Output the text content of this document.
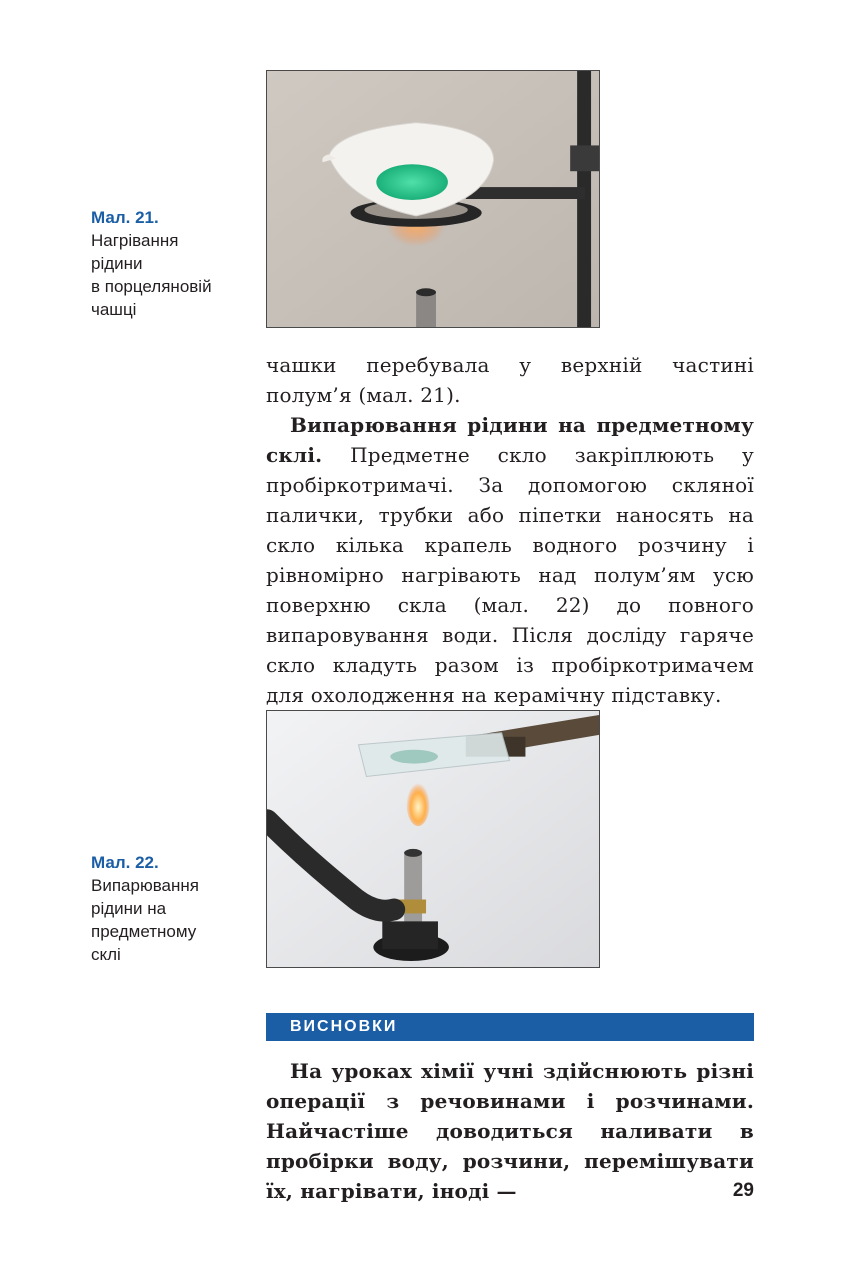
Мал. 21.
Нагрівання
рідини
в порцеляновій
чашці

чашки перебувала у верхній частині полум’я (мал. 21).

Випарювання рідини на предметному склі. Предметне скло закріплюють у пробіркотримачі. За допомогою скляної палички, трубки або піпетки наносять на скло кілька крапель водного розчину і рівномірно нагрівають над полум’ям усю поверхню скла (мал. 22) до повного випаровування води. Після досліду гаряче скло кладуть разом із пробіркотримачем для охолодження на керамічну підставку.

Мал. 22.
Випарювання
рідини на
предметному
склі
ВИСНОВКИ

На уроках хімії учні здійснюють різні операції з речовинами і розчинами. Найчастіше доводиться наливати в пробірки воду, розчини, перемішувати їх, нагрівати, іноді —	29
